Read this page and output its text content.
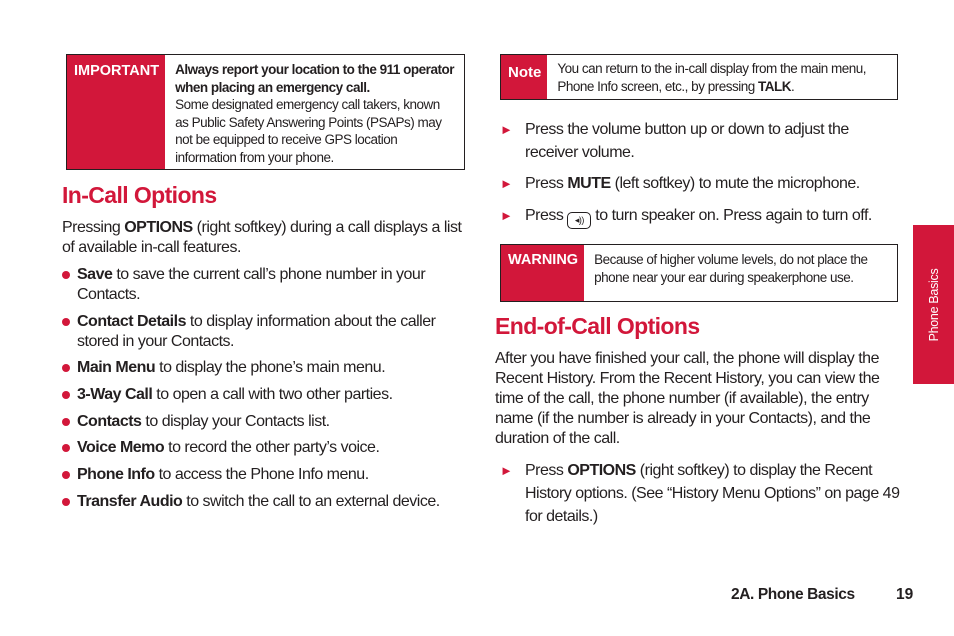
IMPORTANT	Always report your location to the 911 operator when placing an emergency call.
Some designated emergency call takers, known as Public Safety Answering Points (PSAPs) may not be equipped to receive GPS location information from your phone.
In-Call Options

Pressing OPTIONS (right softkey) during a call displays a list of available in-call features.

Save to save the current call’s phone number in your Contacts.
Contact Details to display information about the caller stored in your Contacts.
Main Menu to display the phone’s main menu.
3-Way Call to open a call with two other parties.
Contacts to display your Contacts list.
Voice Memo to record the other party’s voice.
Phone Info to access the Phone Info menu.
Transfer Audio to switch the call to an external device.
Note	You can return to the in-call display from the main menu, Phone Info screen, etc., by pressing TALK.
► Press the volume button up or down to adjust the receiver volume.
► Press MUTE (left softkey) to mute the microphone.
► Press ◂)) to turn speaker on. Press again to turn off.
WARNING	Because of higher volume levels, do not place the phone near your ear during speakerphone use.
End-of-Call Options

After you have finished your call, the phone will display the Recent History. From the Recent History, you can view the time of the call, the phone number (if available), the entry name (if the number is already in your Contacts), and the duration of the call.

► Press OPTIONS (right softkey) to display the Recent History options. (See “History Menu Options” on page 49 for details.)
Phone Basics
2A. Phone Basics	19
